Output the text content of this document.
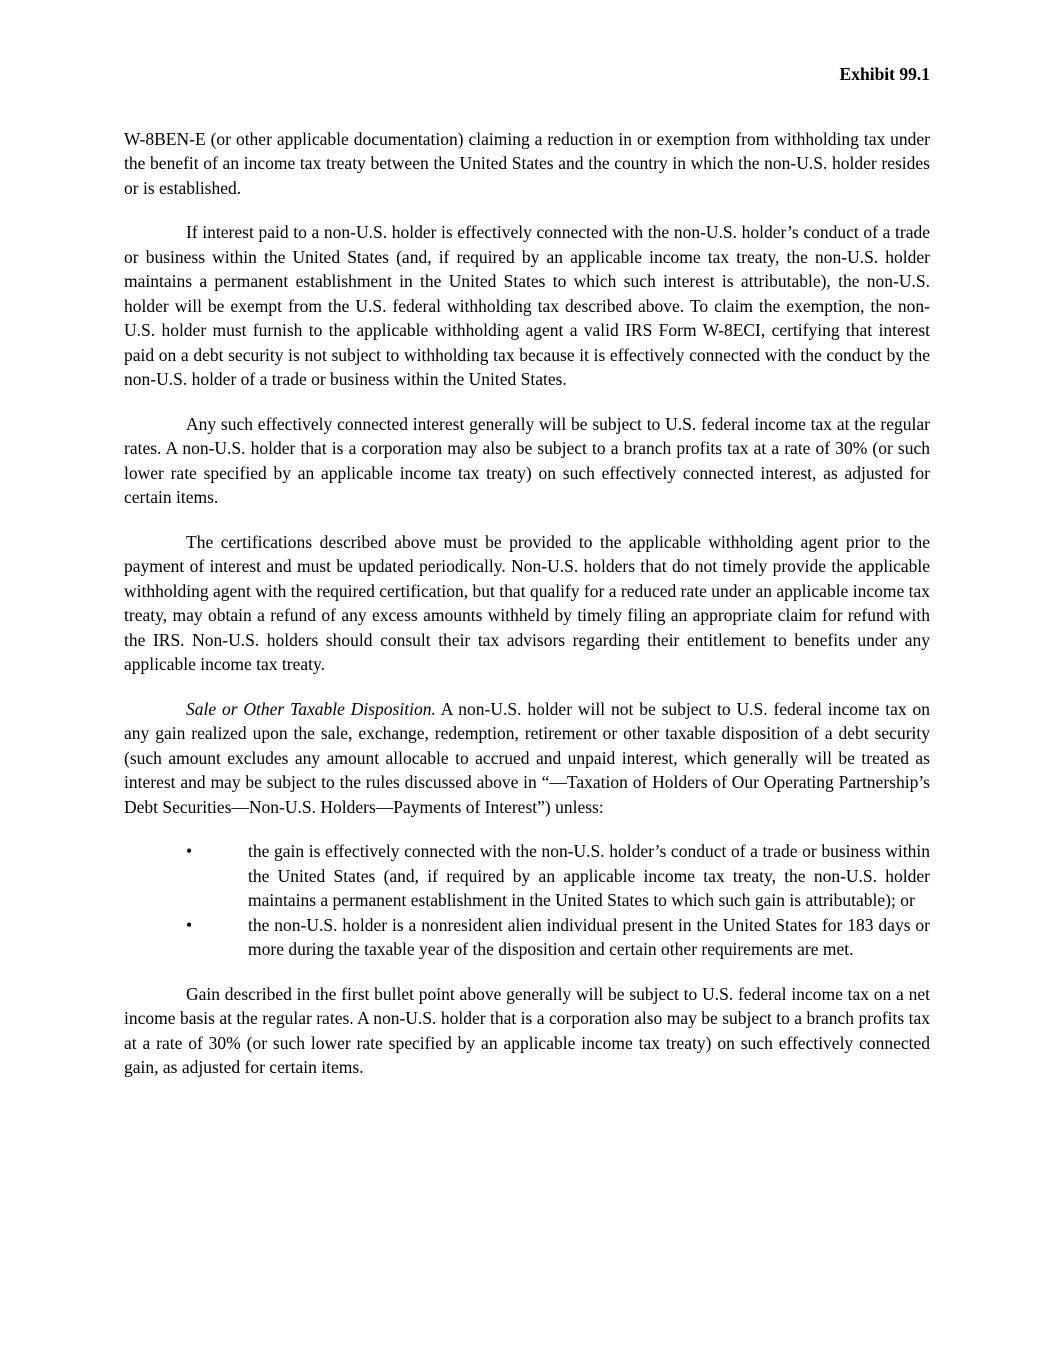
Exhibit 99.1

W-8BEN-E (or other applicable documentation) claiming a reduction in or exemption from withholding tax under the benefit of an income tax treaty between the United States and the country in which the non-U.S. holder resides or is established.

If interest paid to a non-U.S. holder is effectively connected with the non-U.S. holder’s conduct of a trade or business within the United States (and, if required by an applicable income tax treaty, the non-U.S. holder maintains a permanent establishment in the United States to which such interest is attributable), the non-U.S. holder will be exempt from the U.S. federal withholding tax described above. To claim the exemption, the non-U.S. holder must furnish to the applicable withholding agent a valid IRS Form W-8ECI, certifying that interest paid on a debt security is not subject to withholding tax because it is effectively connected with the conduct by the non-U.S. holder of a trade or business within the United States.

Any such effectively connected interest generally will be subject to U.S. federal income tax at the regular rates. A non-U.S. holder that is a corporation may also be subject to a branch profits tax at a rate of 30% (or such lower rate specified by an applicable income tax treaty) on such effectively connected interest, as adjusted for certain items.

The certifications described above must be provided to the applicable withholding agent prior to the payment of interest and must be updated periodically. Non-U.S. holders that do not timely provide the applicable withholding agent with the required certification, but that qualify for a reduced rate under an applicable income tax treaty, may obtain a refund of any excess amounts withheld by timely filing an appropriate claim for refund with the IRS. Non-U.S. holders should consult their tax advisors regarding their entitlement to benefits under any applicable income tax treaty.

Sale or Other Taxable Disposition. A non-U.S. holder will not be subject to U.S. federal income tax on any gain realized upon the sale, exchange, redemption, retirement or other taxable disposition of a debt security (such amount excludes any amount allocable to accrued and unpaid interest, which generally will be treated as interest and may be subject to the rules discussed above in “—Taxation of Holders of Our Operating Partnership’s Debt Securities—Non-U.S. Holders—Payments of Interest”) unless:

•	the gain is effectively connected with the non-U.S. holder’s conduct of a trade or business within the United States (and, if required by an applicable income tax treaty, the non-U.S. holder maintains a permanent establishment in the United States to which such gain is attributable); or
•	the non-U.S. holder is a nonresident alien individual present in the United States for 183 days or more during the taxable year of the disposition and certain other requirements are met.

Gain described in the first bullet point above generally will be subject to U.S. federal income tax on a net income basis at the regular rates. A non-U.S. holder that is a corporation also may be subject to a branch profits tax at a rate of 30% (or such lower rate specified by an applicable income tax treaty) on such effectively connected gain, as adjusted for certain items.
